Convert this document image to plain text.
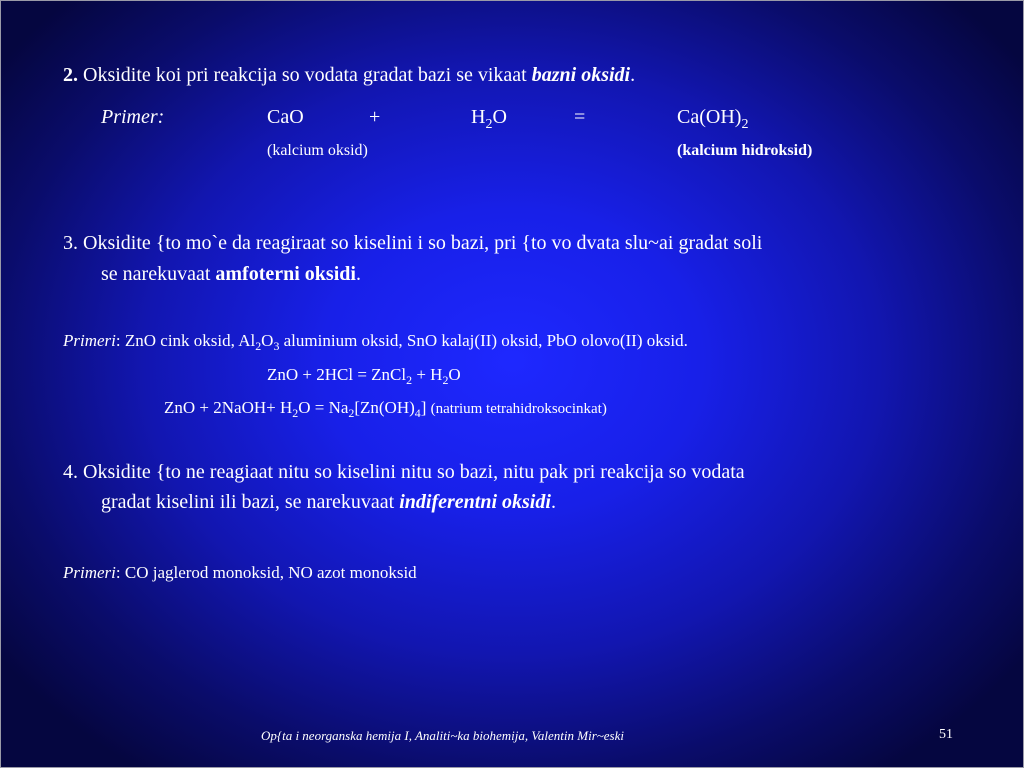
2. Oksidite koi pri reakcija so vodata gradat bazi se vikaat bazni oksidi.
Primer:	CaO	+	$H_2O$	=	$Ca(OH)_2$
(kalcium oksid)	(kalcium hidroksid)
3. Oksidite {to mo`e da reagiraat so kiselini i so bazi, pri {to vo dvata slu~ai gradat soli
se narekuvaat amfoterni oksidi.
Primeri: ZnO cink oksid, $Al_2O_3$ aluminium oksid, SnO kalaj(II) oksid, PbO olovo(II) oksid.
ZnO + 2HCl = ZnCl$_2$ + $H_2O$
ZnO + 2NaOH+ $H_2O = Na_2[Zn(OH)_4]$ (natrium tetrahidroksocinkat)
4. Oksidite {to ne reagiaat nitu so kiselini nitu so bazi, nitu pak pri reakcija so vodata
gradat kiselini ili bazi, se narekuvaat indiferentni oksidi.
Primeri: CO jaglerod monoksid, NO azot monoksid
Op{ta i neorganska hemija I, Analiti~ka biohemija, Valentin Mir~eski	51
